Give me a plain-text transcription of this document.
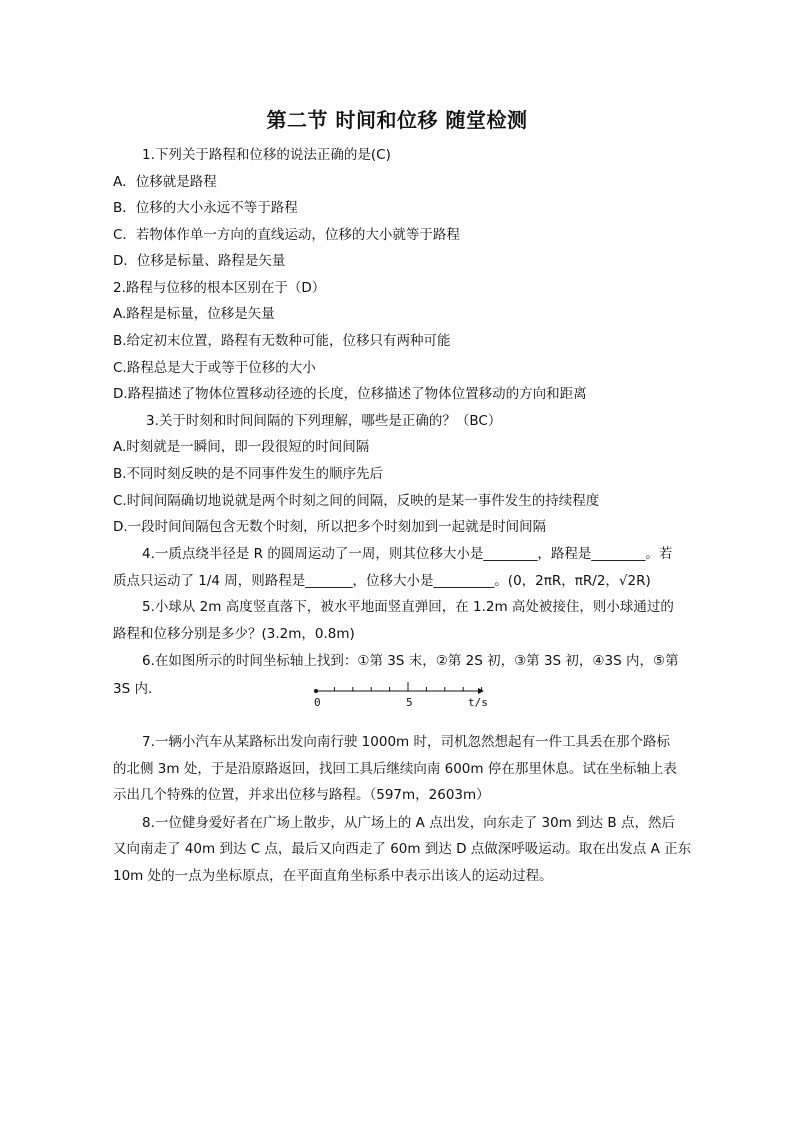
第二节 时间和位移 随堂检测
1.下列关于路程和位移的说法正确的是(C)
A．位移就是路程
B．位移的大小永远不等于路程
C．若物体作单一方向的直线运动，位移的大小就等于路程
D．位移是标量、路程是矢量
2.路程与位移的根本区别在于（D）
A.路程是标量，位移是矢量
B.给定初末位置，路程有无数种可能，位移只有两种可能
C.路程总是大于或等于位移的大小
D.路程描述了物体位置移动径迹的长度，位移描述了物体位置移动的方向和距离
3.关于时刻和时间间隔的下列理解，哪些是正确的？（BC）
A.时刻就是一瞬间，即一段很短的时间间隔
B.不同时刻反映的是不同事件发生的顺序先后
C.时间间隔确切地说就是两个时刻之间的间隔，反映的是某一事件发生的持续程度
D.一段时间间隔包含无数个时刻，所以把多个时刻加到一起就是时间间隔
4.一质点绕半径是 R 的圆周运动了一周，则其位移大小是________，路程是________。若
质点只运动了 1/4 周，则路程是_______，位移大小是_________。(0，2πR，πR/2，√2R)
5.小球从 2m 高度竖直落下，被水平地面竖直弹回，在 1.2m 高处被接住，则小球通过的
路程和位移分别是多少？(3.2m，0.8m)
6.在如图所示的时间坐标轴上找到：①第 3S 末，②第 2S 初，③第 3S 初，④3S 内，⑤第
3S 内.
0	5	t/s
7.一辆小汽车从某路标出发向南行驶 1000m 时，司机忽然想起有一件工具丢在那个路标
的北侧 3m 处，于是沿原路返回，找回工具后继续向南 600m 停在那里休息。试在坐标轴上表
示出几个特殊的位置，并求出位移与路程。（597m，2603m）
8.一位健身爱好者在广场上散步，从广场上的 A 点出发，向东走了 30m 到达 B 点，然后
又向南走了 40m 到达 C 点，最后又向西走了 60m 到达 D 点做深呼吸运动。取在出发点 A 正东
10m 处的一点为坐标原点，在平面直角坐标系中表示出该人的运动过程。
